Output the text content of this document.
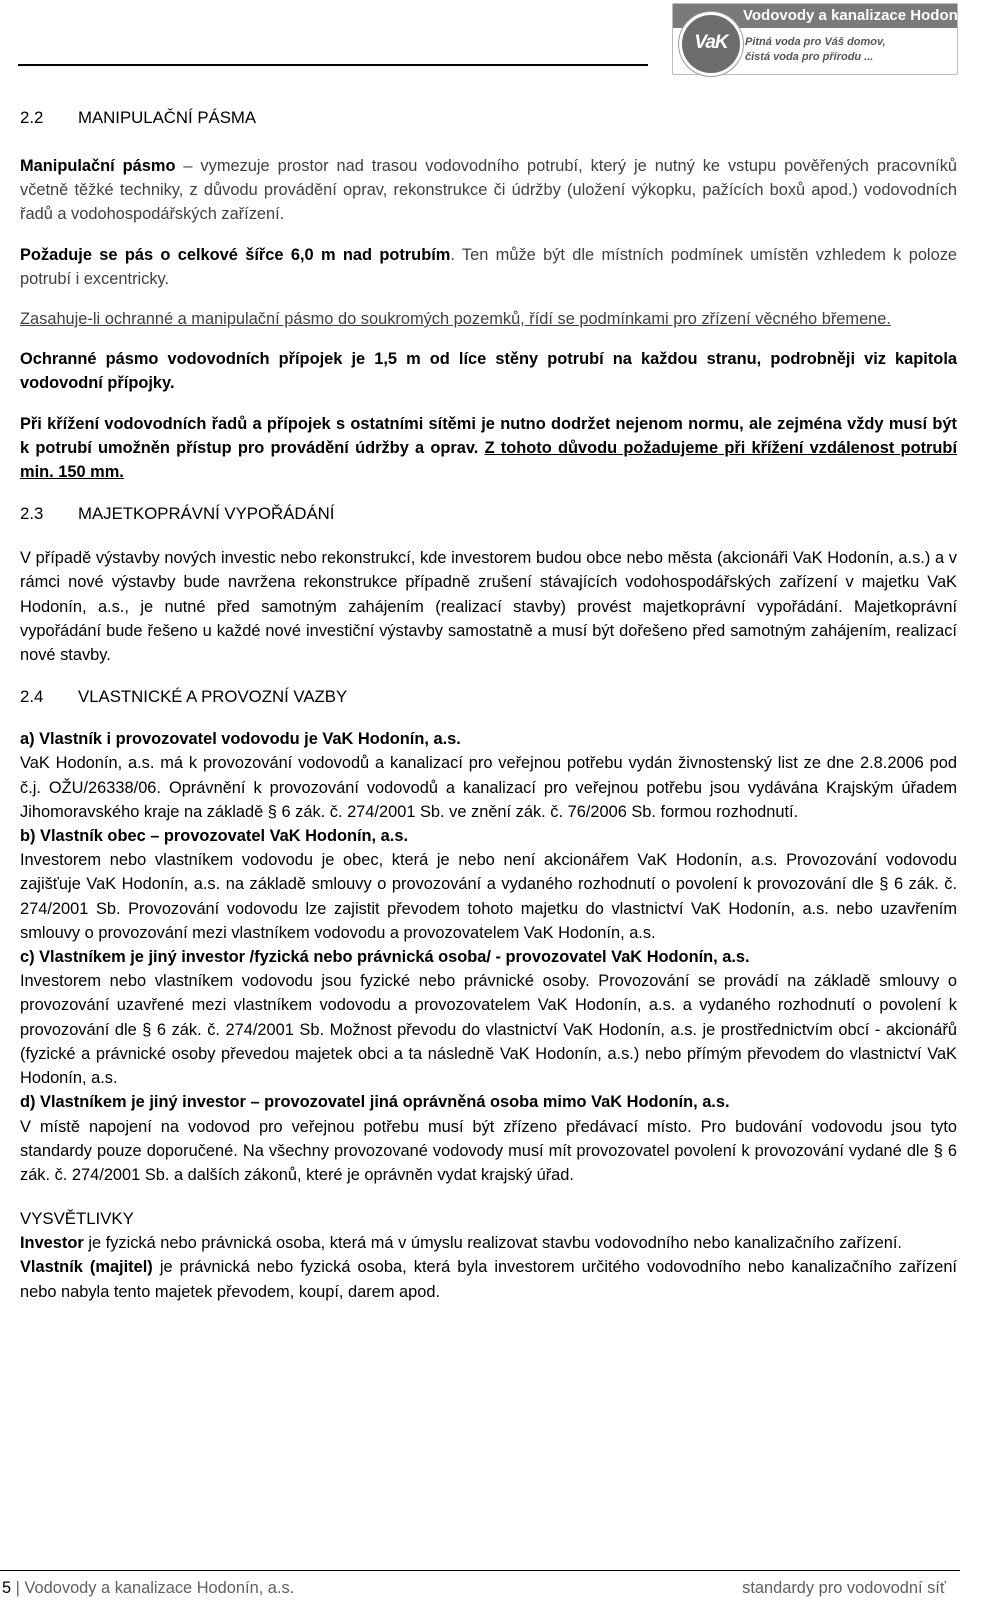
Vodovody a kanalizace Hodonín, a.s.
VaK	Pitná voda pro Váš domov,
čistá voda pro přírodu ...
2.2 MANIPULAČNÍ PÁSMA

Manipulační pásmo – vymezuje prostor nad trasou vodovodního potrubí, který je nutný ke vstupu pověřených pracovníků včetně těžké techniky, z důvodu provádění oprav, rekonstrukce či údržby (uložení výkopku, pažících boxů apod.) vodovodních řadů a vodohospodářských zařízení.

Požaduje se pás o celkové šířce 6,0 m nad potrubím. Ten může být dle místních podmínek umístěn vzhledem k poloze potrubí i excentricky.

Zasahuje-li ochranné a manipulační pásmo do soukromých pozemků, řídí se podmínkami pro zřízení věcného břemene.

Ochranné pásmo vodovodních přípojek je 1,5 m od líce stěny potrubí na každou stranu, podrobněji viz kapitola vodovodní přípojky.

Při křížení vodovodních řadů a přípojek s ostatními sítěmi je nutno dodržet nejenom normu, ale zejména vždy musí být k potrubí umožněn přístup pro provádění údržby a oprav. Z tohoto důvodu požadujeme při křížení vzdálenost potrubí min. 150 mm.

2.3 MAJETKOPRÁVNÍ VYPOŘÁDÁNÍ

V případě výstavby nových investic nebo rekonstrukcí, kde investorem budou obce nebo města (akcionáři VaK Hodonín, a.s.) a v rámci nové výstavby bude navržena rekonstrukce případně zrušení stávajících vodohospodářských zařízení v majetku VaK Hodonín, a.s., je nutné před samotným zahájením (realizací stavby) provést majetkoprávní vypořádání. Majetkoprávní vypořádání bude řešeno u každé nové investiční výstavby samostatně a musí být dořešeno před samotným zahájením, realizací nové stavby.

2.4 VLASTNICKÉ A PROVOZNÍ VAZBY

a) Vlastník i provozovatel vodovodu je VaK Hodonín, a.s.

VaK Hodonín, a.s. má k provozování vodovodů a kanalizací pro veřejnou potřebu vydán živnostenský list ze dne 2.8.2006 pod č.j. OŽU/26338/06. Oprávnění k provozování vodovodů a kanalizací pro veřejnou potřebu jsou vydávána Krajským úřadem Jihomoravského kraje na základě § 6 zák. č. 274/2001 Sb. ve znění zák. č. 76/2006 Sb. formou rozhodnutí.

b) Vlastník obec – provozovatel VaK Hodonín, a.s.

Investorem nebo vlastníkem vodovodu je obec, která je nebo není akcionářem VaK Hodonín, a.s. Provozování vodovodu zajišťuje VaK Hodonín, a.s. na základě smlouvy o provozování a vydaného rozhodnutí o povolení k provozování dle § 6 zák. č. 274/2001 Sb. Provozování vodovodu lze zajistit převodem tohoto majetku do vlastnictví VaK Hodonín, a.s. nebo uzavřením smlouvy o provozování mezi vlastníkem vodovodu a provozovatelem VaK Hodonín, a.s.

c) Vlastníkem je jiný investor /fyzická nebo právnická osoba/ - provozovatel VaK Hodonín, a.s.

Investorem nebo vlastníkem vodovodu jsou fyzické nebo právnické osoby. Provozování se provádí na základě smlouvy o provozování uzavřené mezi vlastníkem vodovodu a provozovatelem VaK Hodonín, a.s. a vydaného rozhodnutí o povolení k provozování dle § 6 zák. č. 274/2001 Sb. Možnost převodu do vlastnictví VaK Hodonín, a.s. je prostřednictvím obcí - akcionářů (fyzické a právnické osoby převedou majetek obci a ta následně VaK Hodonín, a.s.) nebo přímým převodem do vlastnictví VaK Hodonín, a.s.

d) Vlastníkem je jiný investor – provozovatel jiná oprávněná osoba mimo VaK Hodonín, a.s.

V místě napojení na vodovod pro veřejnou potřebu musí být zřízeno předávací místo. Pro budování vodovodu jsou tyto standardy pouze doporučené. Na všechny provozované vodovody musí mít provozovatel povolení k provozování vydané dle § 6 zák. č. 274/2001 Sb. a dalších zákonů, které je oprávněn vydat krajský úřad.

VYSVĚTLIVKY

Investor je fyzická nebo právnická osoba, která má v úmyslu realizovat stavbu vodovodního nebo kanalizačního zařízení.

Vlastník (majitel) je právnická nebo fyzická osoba, která byla investorem určitého vodovodního nebo kanalizačního zařízení nebo nabyla tento majetek převodem, koupí, darem apod.

5 | Vodovody a kanalizace Hodonín, a.s.	standardy pro vodovodní síť
